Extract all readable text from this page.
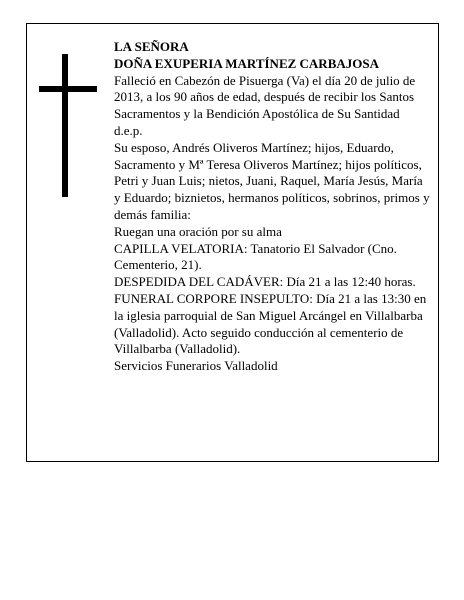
LA SEÑORA

DOÑA EXUPERIA MARTÍNEZ CARBAJOSA

Falleció en Cabezón de Pisuerga (Va) el día 20 de julio de 2013, a los 90 años de edad, después de recibir los Santos Sacramentos y la Bendición Apostólica de Su Santidad

d.e.p.

Su esposo, Andrés Oliveros Martínez; hijos, Eduardo, Sacramento y Mª Teresa Oliveros Martínez; hijos políticos, Petri y Juan Luis; nietos, Juani, Raquel, María Jesús, María y Eduardo; biznietos, hermanos políticos, sobrinos, primos y demás familia:

Ruegan una oración por su alma

CAPILLA VELATORIA: Tanatorio El Salvador (Cno. Cementerio, 21).

DESPEDIDA DEL CADÁVER: Día 21 a las 12:40 horas.

FUNERAL CORPORE INSEPULTO: Día 21 a las 13:30 en la iglesia parroquial de San Miguel Arcángel en Villalbarba (Valladolid). Acto seguido conducción al cementerio de Villalbarba (Valladolid).

Servicios Funerarios Valladolid
